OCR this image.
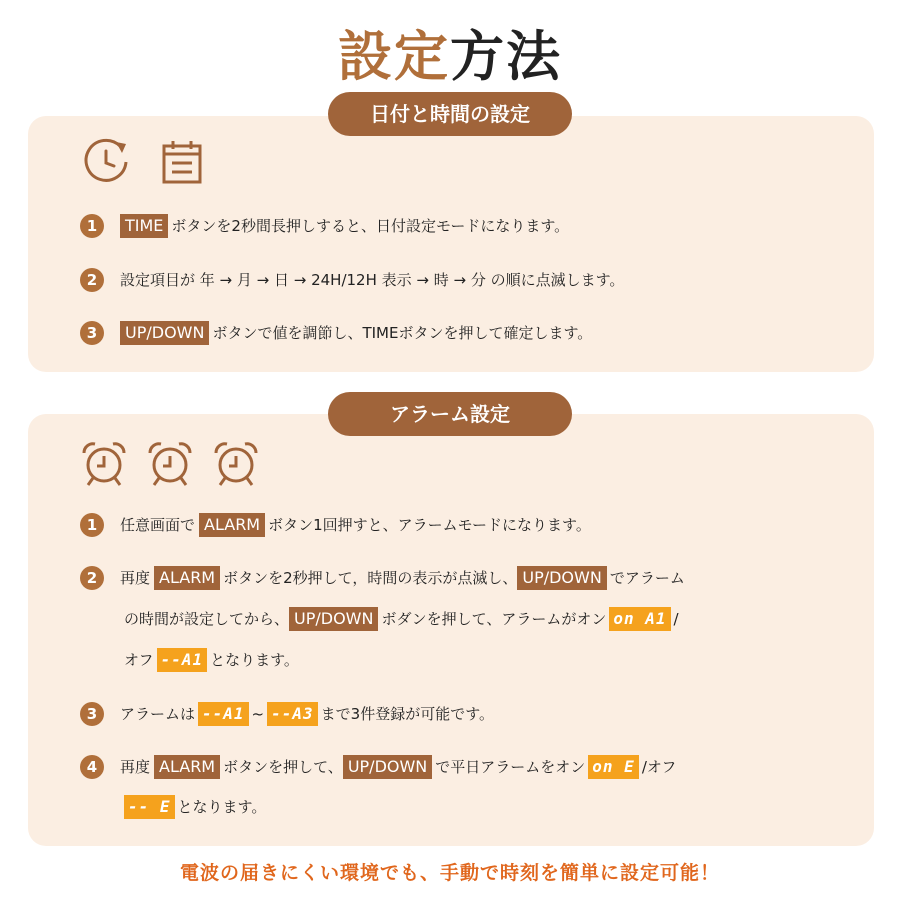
設定方法
日付と時間の設定
1	TIME ボタンを2秒間長押しすると、日付設定モードになります。
2	設定項目が 年 → 月 → 日 → 24H/12H 表示 → 時 → 分 の順に点滅します。
3	UP/DOWN ボタンで値を調節し、TIMEボタンを押して確定します。
アラーム設定
1	任意画面で ALARM ボタン1回押すと、アラームモードになります。
2	再度 ALARM ボタンを2秒押して，時間の表示が点滅し、 UP/DOWN でアラーム
の時間が設定してから、 UP/DOWN ボダンを押して、アラームがオン on A1 /
オフ --A1 となります。
3	アラームは --A1 ~ --A3 まで3件登録が可能です。
4	再度 ALARM ボタンを押して、 UP/DOWN で平日アラームをオン on E /オフ
-- E となります。
電波の届きにくい環境でも、手動で時刻を簡単に設定可能！
